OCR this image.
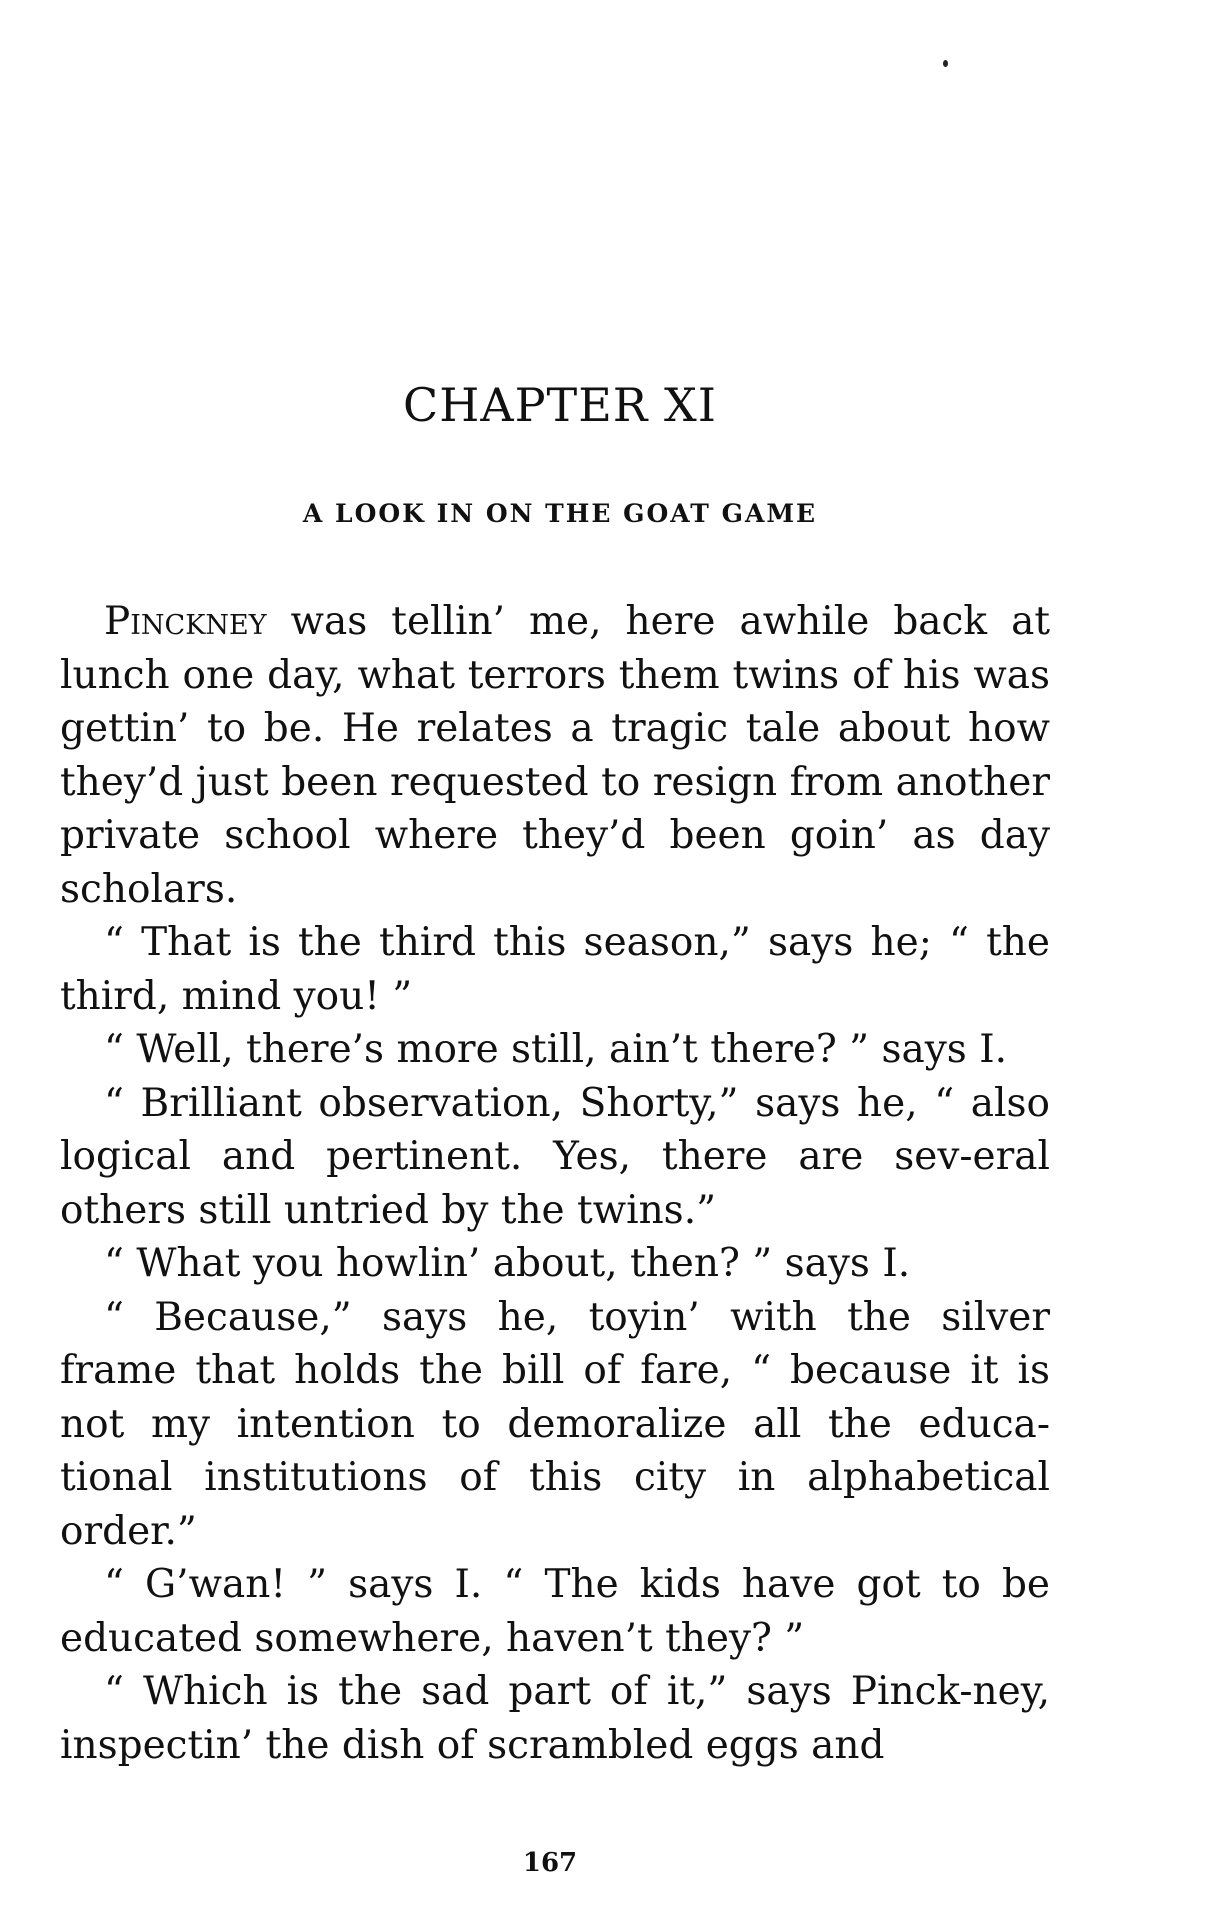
CHAPTER XI
A LOOK IN ON THE GOAT GAME

Pinckney was tellin’ me, here awhile back at lunch one day, what terrors them twins of his was gettin’ to be. He relates a tragic tale about how they’d just been requested to resign from another private school where they’d been goin’ as day scholars.

“ That is the third this season,” says he; “ the third, mind you! ”

“ Well, there’s more still, ain’t there? ” says I.

“ Brilliant observation, Shorty,” says he, “ also logical and pertinent. Yes, there are sev-eral others still untried by the twins.”

“ What you howlin’ about, then? ” says I.

“ Because,” says he, toyin’ with the silver frame that holds the bill of fare, “ because it is not my intention to demoralize all the educa-tional institutions of this city in alphabetical order.”

“ G’wan! ” says I. “ The kids have got to be educated somewhere, haven’t they? ”

“ Which is the sad part of it,” says Pinck-ney, inspectin’ the dish of scrambled eggs and

167
